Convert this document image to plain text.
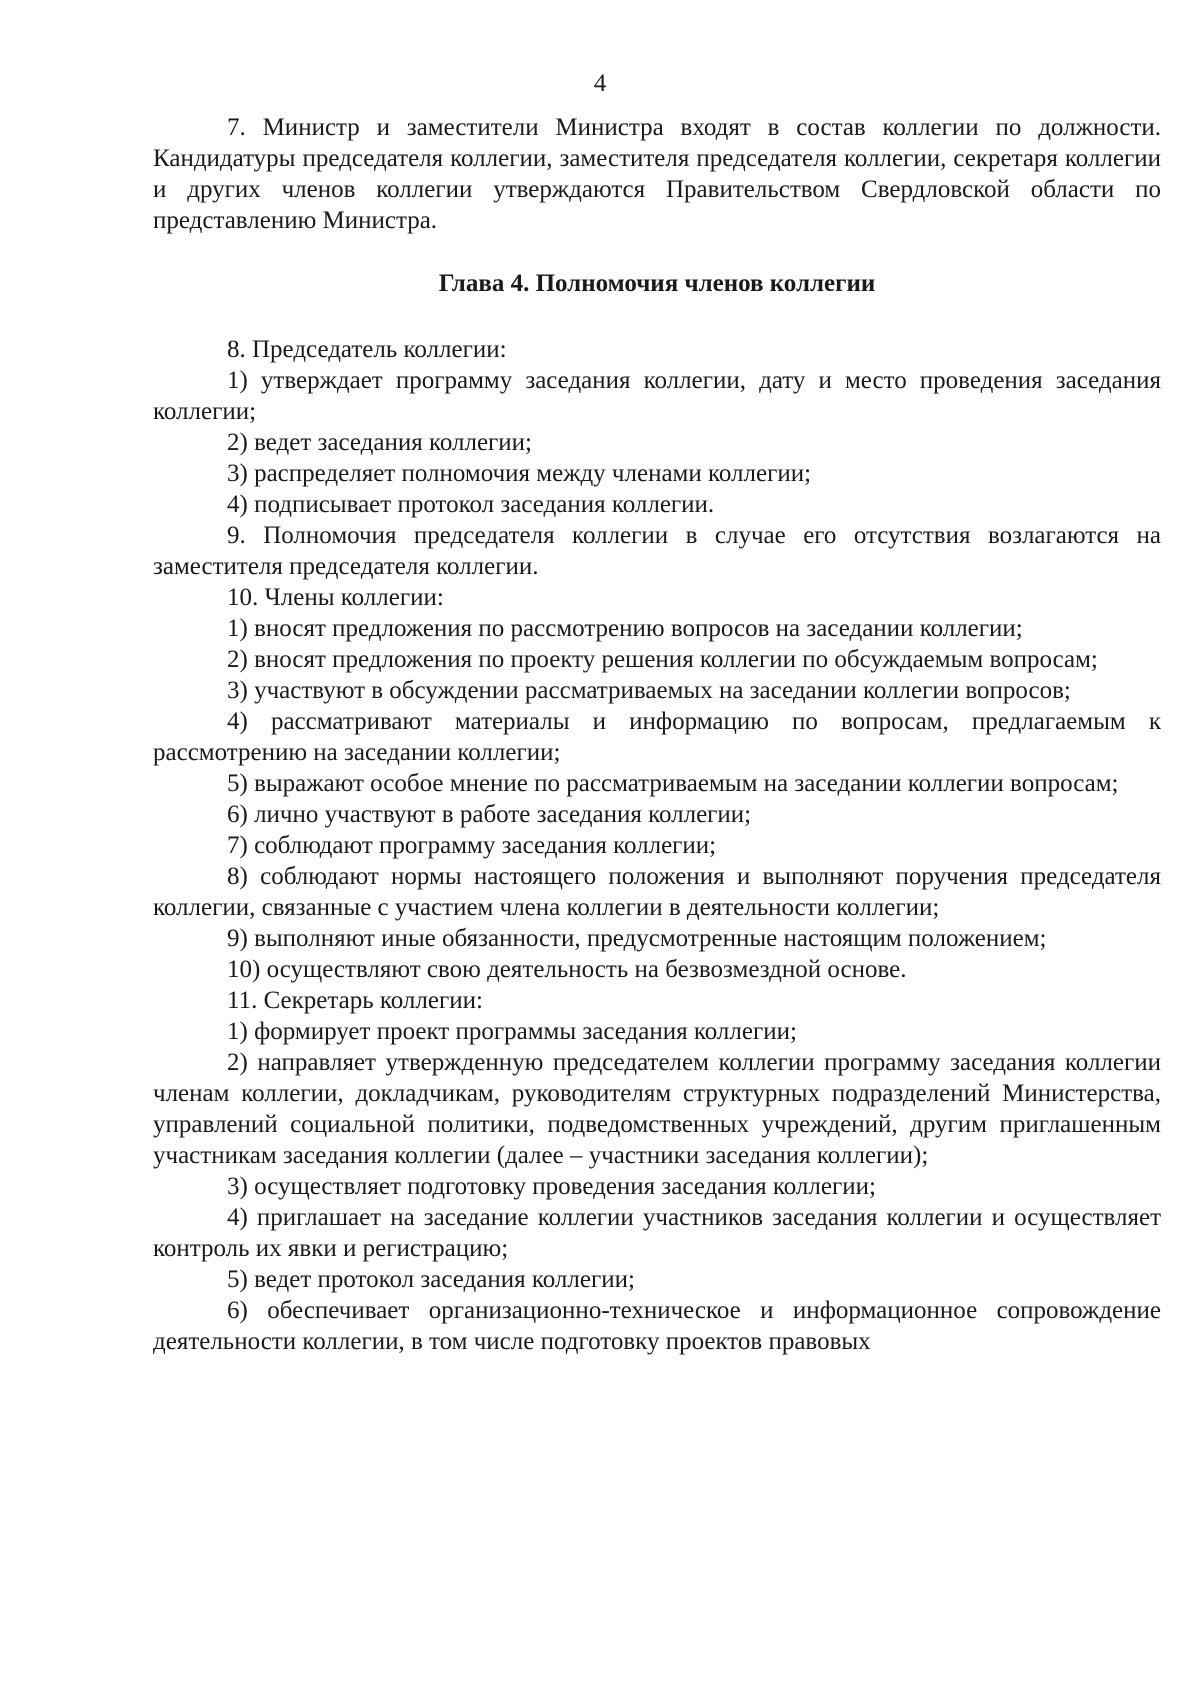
4

7. Министр и заместители Министра входят в состав коллегии по должности. Кандидатуры председателя коллегии, заместителя председателя коллегии, секретаря коллегии и других членов коллегии утверждаются Правительством Свердловской области по представлению Министра.

Глава 4. Полномочия членов коллегии

8. Председатель коллегии:

1) утверждает программу заседания коллегии, дату и место проведения заседания коллегии;

2) ведет заседания коллегии;

3) распределяет полномочия между членами коллегии;

4) подписывает протокол заседания коллегии.

9. Полномочия председателя коллегии в случае его отсутствия возлагаются на заместителя председателя коллегии.

10. Члены коллегии:

1) вносят предложения по рассмотрению вопросов на заседании коллегии;

2) вносят предложения по проекту решения коллегии по обсуждаемым вопросам;

3) участвуют в обсуждении рассматриваемых на заседании коллегии вопросов;

4) рассматривают материалы и информацию по вопросам, предлагаемым к рассмотрению на заседании коллегии;

5) выражают особое мнение по рассматриваемым на заседании коллегии вопросам;

6) лично участвуют в работе заседания коллегии;

7) соблюдают программу заседания коллегии;

8) соблюдают нормы настоящего положения и выполняют поручения председателя коллегии, связанные с участием члена коллегии в деятельности коллегии;

9) выполняют иные обязанности, предусмотренные настоящим положением;

10) осуществляют свою деятельность на безвозмездной основе.

11. Секретарь коллегии:

1) формирует проект программы заседания коллегии;

2) направляет утвержденную председателем коллегии программу заседания коллегии членам коллегии, докладчикам, руководителям структурных подразделений Министерства, управлений социальной политики, подведомственных учреждений, другим приглашенным участникам заседания коллегии (далее – участники заседания коллегии);

3) осуществляет подготовку проведения заседания коллегии;

4) приглашает на заседание коллегии участников заседания коллегии и осуществляет контроль их явки и регистрацию;

5) ведет протокол заседания коллегии;

6) обеспечивает организационно-техническое и информационное сопровождение деятельности коллегии, в том числе подготовку проектов правовых
